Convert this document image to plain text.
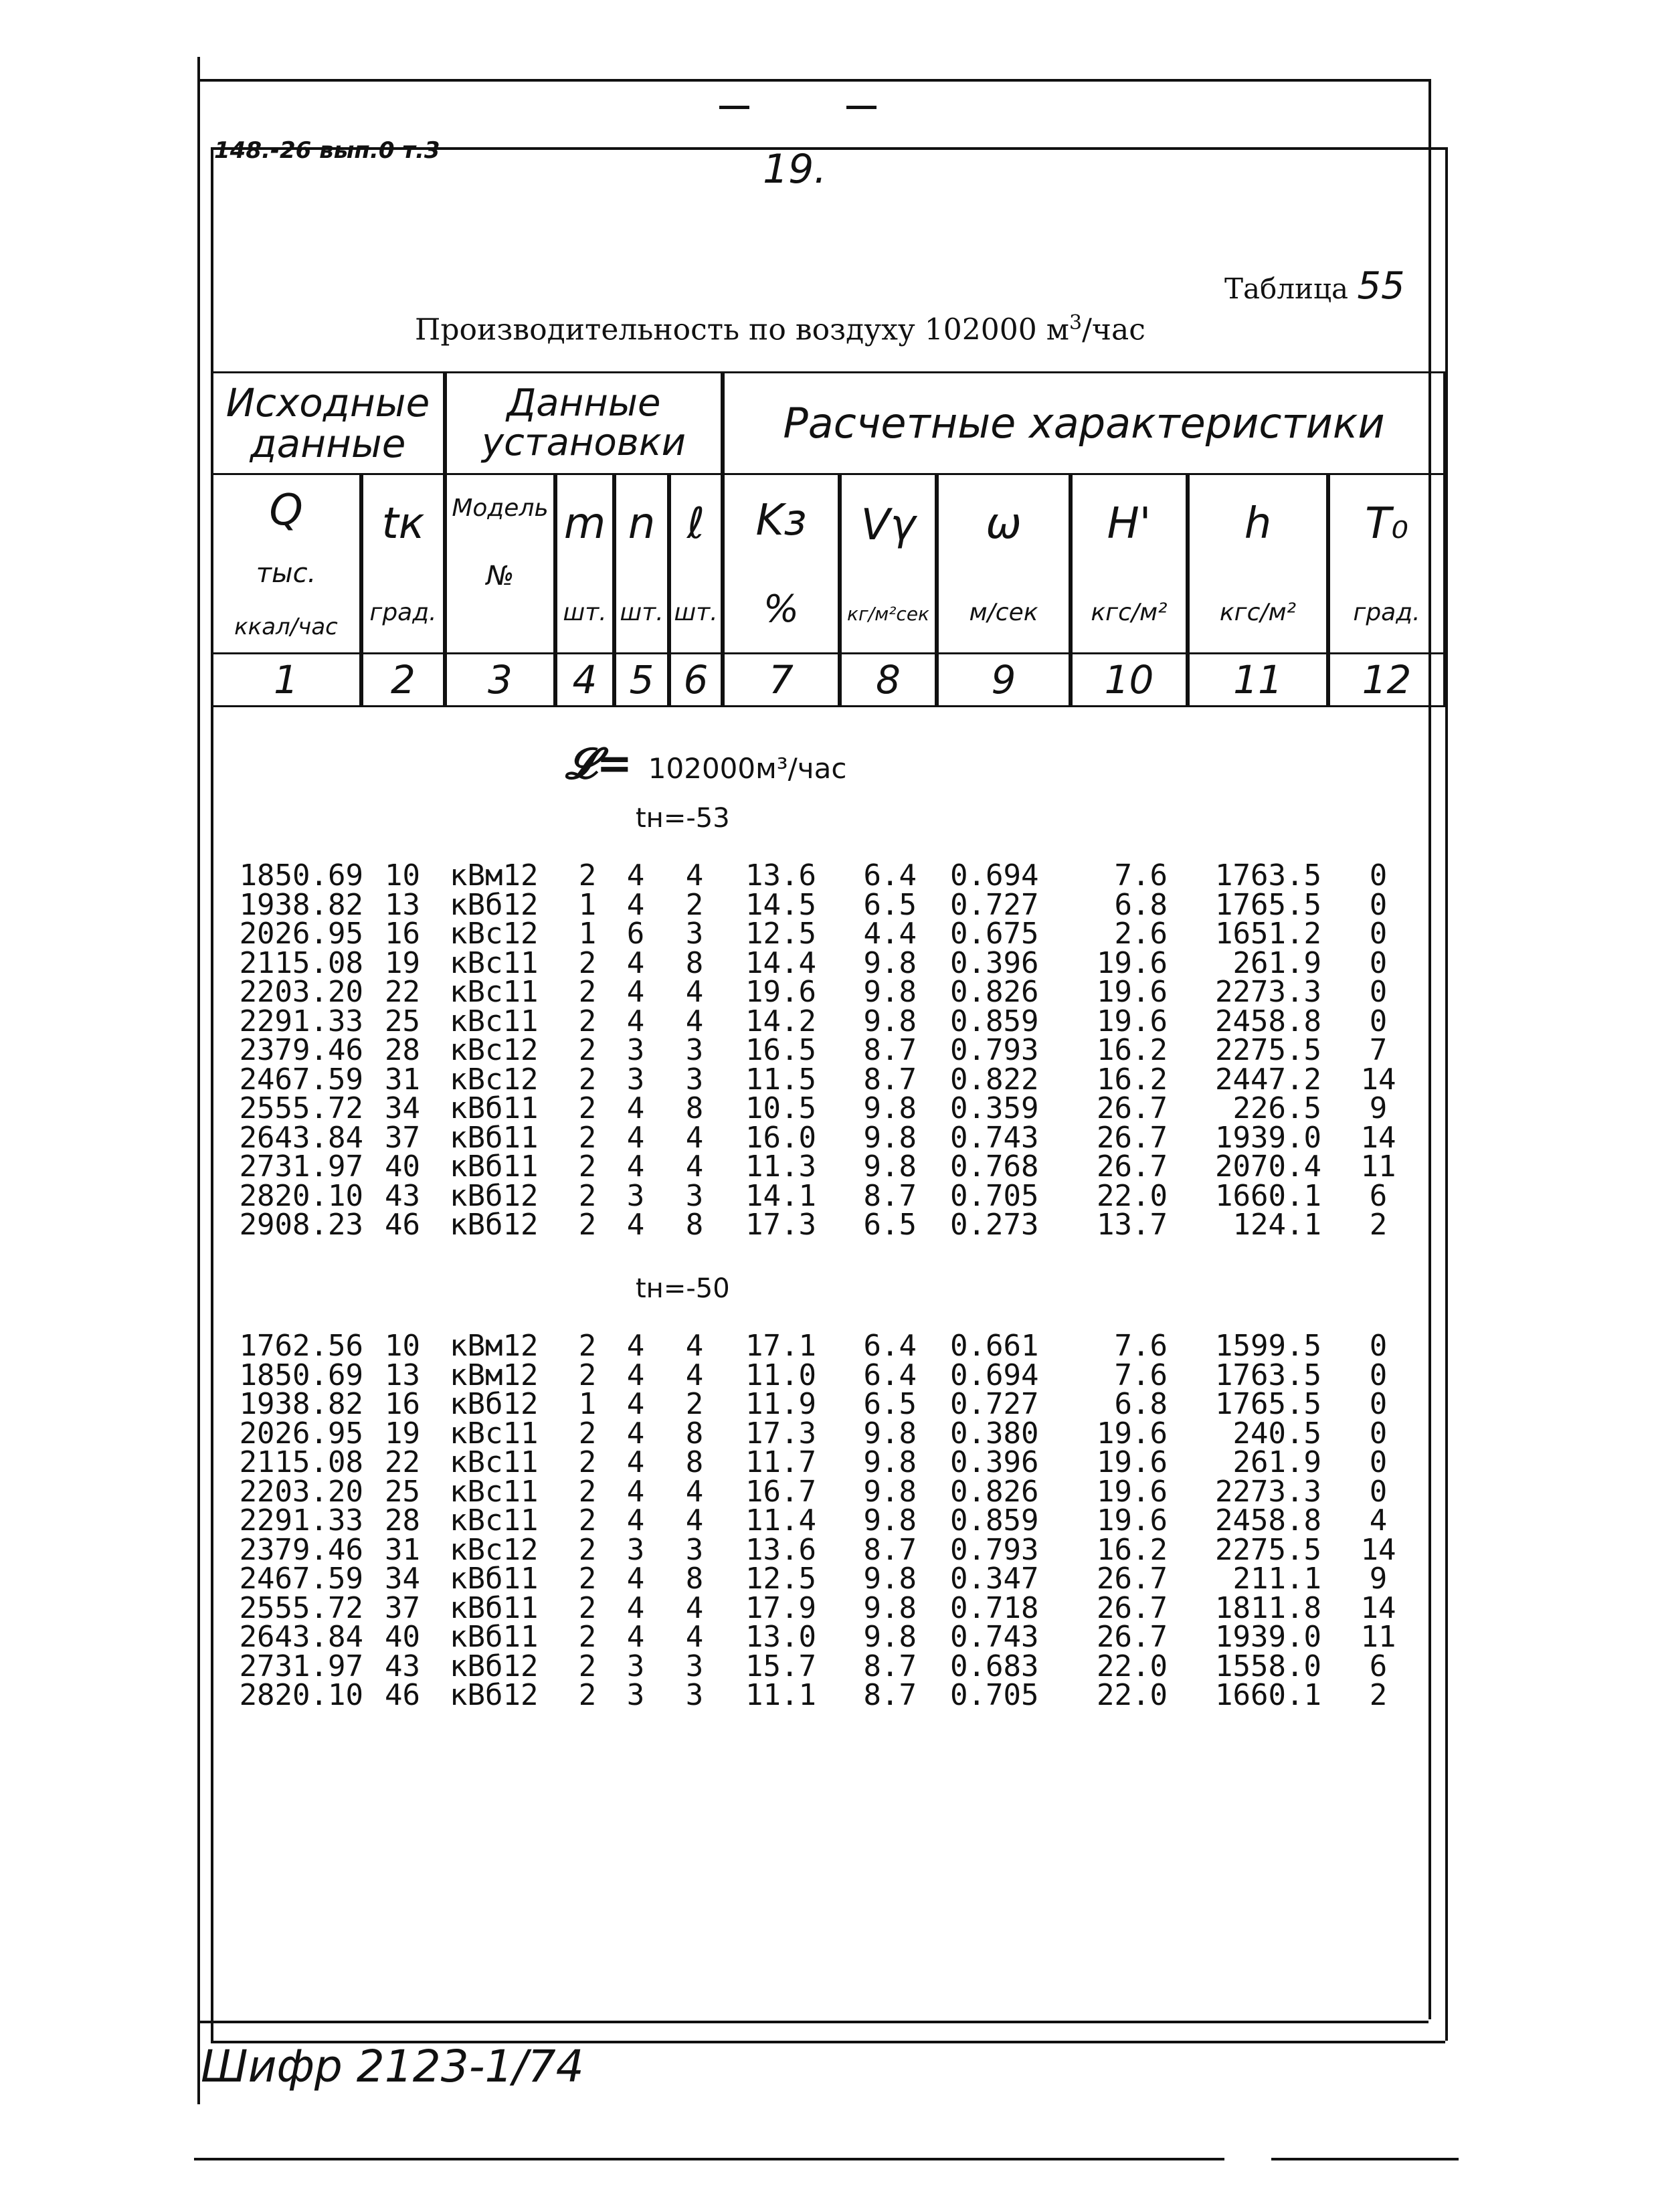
148.-26 вып.0 т.3	19.
Таблица 55
Производительность по воздуху 102000 $м^3$/час
Исходные данные
Данные установки	Расчетные характеристики
Q
тыс.
ккал/час
1
tк
град.
2
Модель
№
3
m
шт.
4
n
шт.
5
ℓ
шт.
6
Kз
%
7
Vγ
кг/м²сек
8
ω
м/сек
9
H'
кгс/м²
10
h
кгс/м²
11
T₀
град.
12
𝓛= 102000м³/час
tн=-53
1850.69
1938.82
2026.95
2115.08
2203.20
2291.33
2379.46
2467.59
2555.72
2643.84
2731.97
2820.10
2908.23
10
13
16
19
22
25
28
31
34
37
40
43
46
кВм12
кВб12
кВс12
кВс11
кВс11
кВс11
кВс12
кВс12
кВб11
кВб11
кВб11
кВб12
кВб12
2
1
1
2
2
2
2
2
2
2
2
2
2
4
4
6
4
4
4
3
3
4
4
4
3
4
4
2
3
8
4
4
3
3
8
4
4
3
8
13.6
14.5
12.5
14.4
19.6
14.2
16.5
11.5
10.5
16.0
11.3
14.1
17.3
6.4
6.5
4.4
9.8
9.8
9.8
8.7
8.7
9.8
9.8
9.8
8.7
6.5
0.694
0.727
0.675
0.396
0.826
0.859
0.793
0.822
0.359
0.743
0.768
0.705
0.273
7.6
6.8
2.6
19.6
19.6
19.6
16.2
16.2
26.7
26.7
26.7
22.0
13.7
1763.5
1765.5
1651.2
261.9
2273.3
2458.8
2275.5
2447.2
226.5
1939.0
2070.4
1660.1
124.1
0
0
0
0
0
0
7
14
9
14
11
6
2
tн=-50
1762.56
1850.69
1938.82
2026.95
2115.08
2203.20
2291.33
2379.46
2467.59
2555.72
2643.84
2731.97
2820.10
10
13
16
19
22
25
28
31
34
37
40
43
46
кВм12
кВм12
кВб12
кВс11
кВс11
кВс11
кВс11
кВс12
кВб11
кВб11
кВб11
кВб12
кВб12
2
2
1
2
2
2
2
2
2
2
2
2
2
4
4
4
4
4
4
4
3
4
4
4
3
3
4
4
2
8
8
4
4
3
8
4
4
3
3
17.1
11.0
11.9
17.3
11.7
16.7
11.4
13.6
12.5
17.9
13.0
15.7
11.1
6.4
6.4
6.5
9.8
9.8
9.8
9.8
8.7
9.8
9.8
9.8
8.7
8.7
0.661
0.694
0.727
0.380
0.396
0.826
0.859
0.793
0.347
0.718
0.743
0.683
0.705
7.6
7.6
6.8
19.6
19.6
19.6
19.6
16.2
26.7
26.7
26.7
22.0
22.0
1599.5
1763.5
1765.5
240.5
261.9
2273.3
2458.8
2275.5
211.1
1811.8
1939.0
1558.0
1660.1
0
0
0
0
0
0
4
14
9
14
11
6
2
Шифр 2123-1/74
